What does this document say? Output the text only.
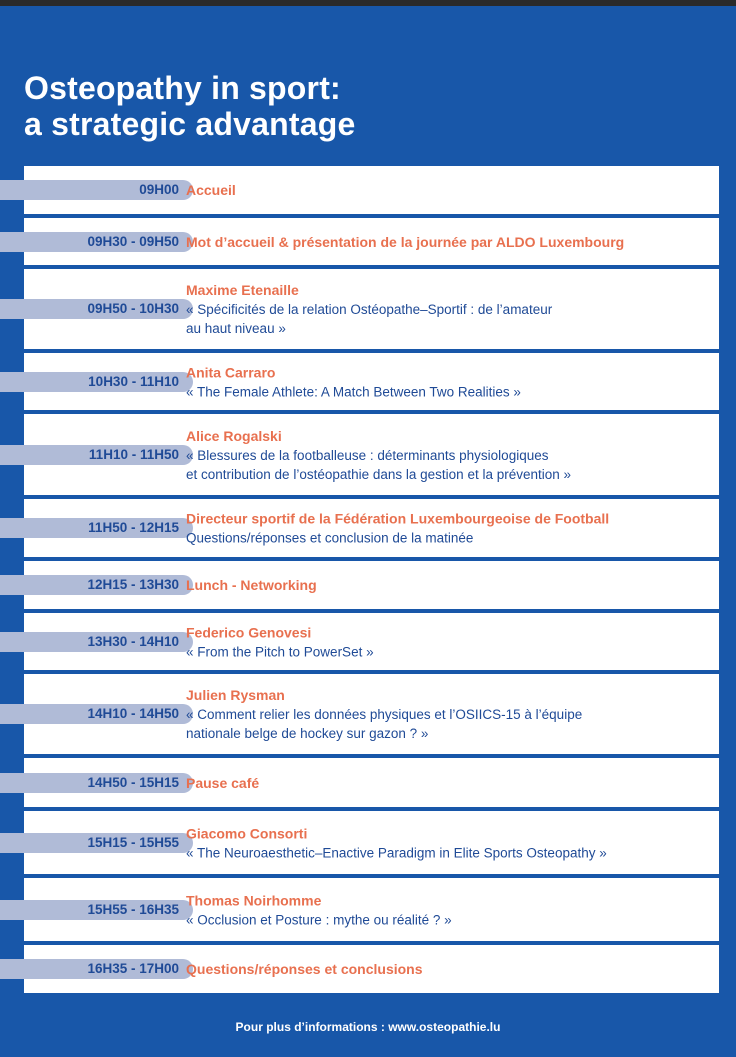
Osteopathy in sport:
a strategic advantage
09H00 Accueil
09H30 - 09H50 Mot d’accueil & présentation de la journée par ALDO Luxembourg
09H50 - 10H30
Maxime Etenaille
« Spécificités de la relation Ostéopathe–Sportif : de l’amateur
au haut niveau »
10H30 - 11H10
Anita Carraro
« The Female Athlete: A Match Between Two Realities »
11H10 - 11H50
Alice Rogalski
« Blessures de la footballeuse : déterminants physiologiques
et contribution de l’ostéopathie dans la gestion et la prévention »
11H50 - 12H15
Directeur sportif de la Fédération Luxembourgeoise de Football
Questions/réponses et conclusion de la matinée
12H15 - 13H30 Lunch - Networking
13H30 - 14H10
Federico Genovesi
« From the Pitch to PowerSet »
14H10 - 14H50
Julien Rysman
« Comment relier les données physiques et l’OSIICS-15 à l’équipe
nationale belge de hockey sur gazon ? »
14H50 - 15H15 Pause café
15H15 - 15H55
Giacomo Consorti
« The Neuroaesthetic–Enactive Paradigm in Elite Sports Osteopathy »
15H55 - 16H35
Thomas Noirhomme
« Occlusion et Posture : mythe ou réalité ? »
16H35 - 17H00 Questions/réponses et conclusions
Pour plus d’informations : www.osteopathie.lu
